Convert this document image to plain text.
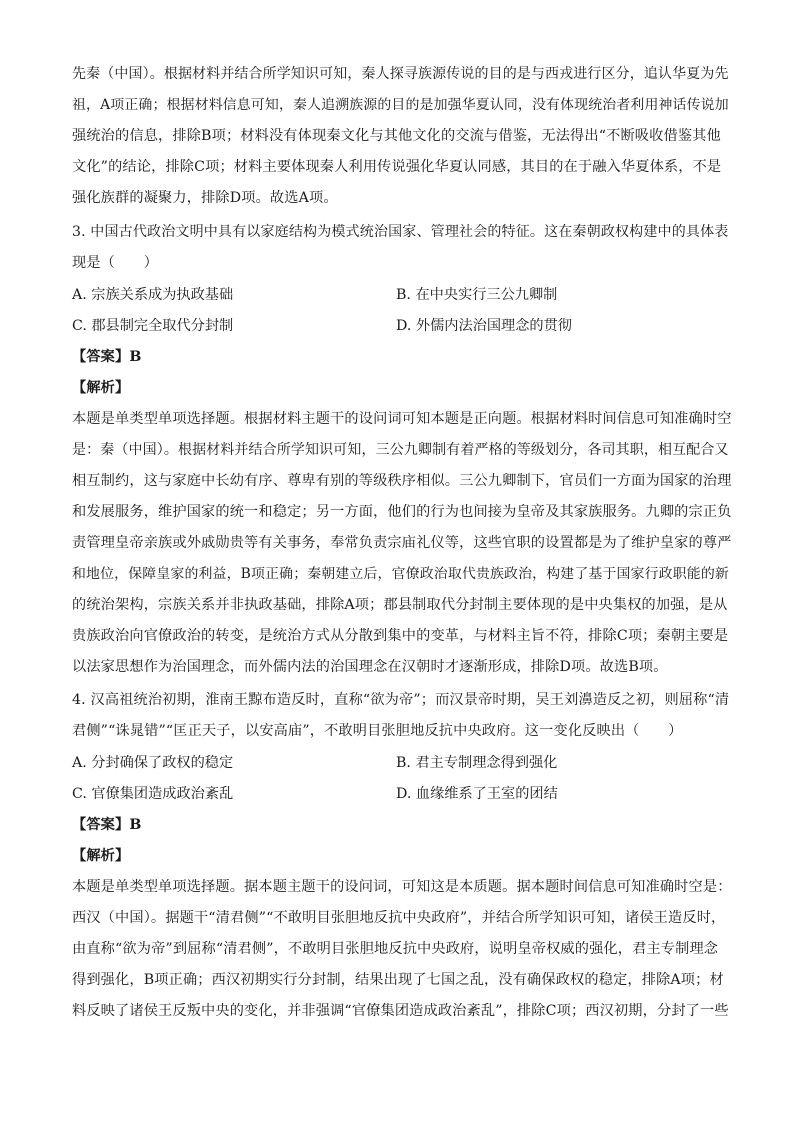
先秦（中国）。根据材料并结合所学知识可知，秦人探寻族源传说的目的是与西戎进行区分，追认华夏为先
祖，A项正确；根据材料信息可知，秦人追溯族源的目的是加强华夏认同，没有体现统治者利用神话传说加
强统治的信息，排除B项；材料没有体现秦文化与其他文化的交流与借鉴，无法得出“不断吸收借鉴其他
文化”的结论，排除C项；材料主要体现秦人利用传说强化华夏认同感，其目的在于融入华夏体系，不是
强化族群的凝聚力，排除D项。故选A项。
3. 中国古代政治文明中具有以家庭结构为模式统治国家、管理社会的特征。这在秦朝政权构建中的具体表
现是（　　）
A. 宗族关系成为执政基础	B. 在中央实行三公九卿制
C. 郡县制完全取代分封制	D. 外儒内法治国理念的贯彻
【答案】B
【解析】
本题是单类型单项选择题。根据材料主题干的设问词可知本题是正向题。根据材料时间信息可知准确时空
是：秦（中国）。根据材料并结合所学知识可知，三公九卿制有着严格的等级划分，各司其职，相互配合又
相互制约，这与家庭中长幼有序、尊卑有别的等级秩序相似。三公九卿制下，官员们一方面为国家的治理
和发展服务，维护国家的统一和稳定；另一方面，他们的行为也间接为皇帝及其家族服务。九卿的宗正负
责管理皇帝亲族或外戚勋贵等有关事务，奉常负责宗庙礼仪等，这些官职的设置都是为了维护皇家的尊严
和地位，保障皇家的利益，B项正确；秦朝建立后，官僚政治取代贵族政治，构建了基于国家行政职能的新
的统治架构，宗族关系并非执政基础，排除A项；郡县制取代分封制主要体现的是中央集权的加强，是从
贵族政治向官僚政治的转变，是统治方式从分散到集中的变革，与材料主旨不符，排除C项；秦朝主要是
以法家思想作为治国理念，而外儒内法的治国理念在汉朝时才逐渐形成，排除D项。故选B项。
4. 汉高祖统治初期，淮南王黥布造反时，直称“欲为帝”；而汉景帝时期，吴王刘濞造反之初，则屈称“清
君侧”“诛晁错”“匡正天子，以安高庙”，不敢明目张胆地反抗中央政府。这一变化反映出（　　）
A. 分封确保了政权的稳定	B. 君主专制理念得到强化
C. 官僚集团造成政治紊乱	D. 血缘维系了王室的团结
【答案】B
【解析】
本题是单类型单项选择题。据本题主题干的设问词，可知这是本质题。据本题时间信息可知准确时空是：
西汉（中国）。据题干“清君侧”“不敢明目张胆地反抗中央政府”，并结合所学知识可知，诸侯王造反时，
由直称“欲为帝”到屈称“清君侧”，不敢明目张胆地反抗中央政府，说明皇帝权威的强化，君主专制理念
得到强化，B项正确；西汉初期实行分封制，结果出现了七国之乱，没有确保政权的稳定，排除A项；材
料反映了诸侯王反叛中央的变化，并非强调“官僚集团造成政治紊乱”，排除C项；西汉初期，分封了一些
